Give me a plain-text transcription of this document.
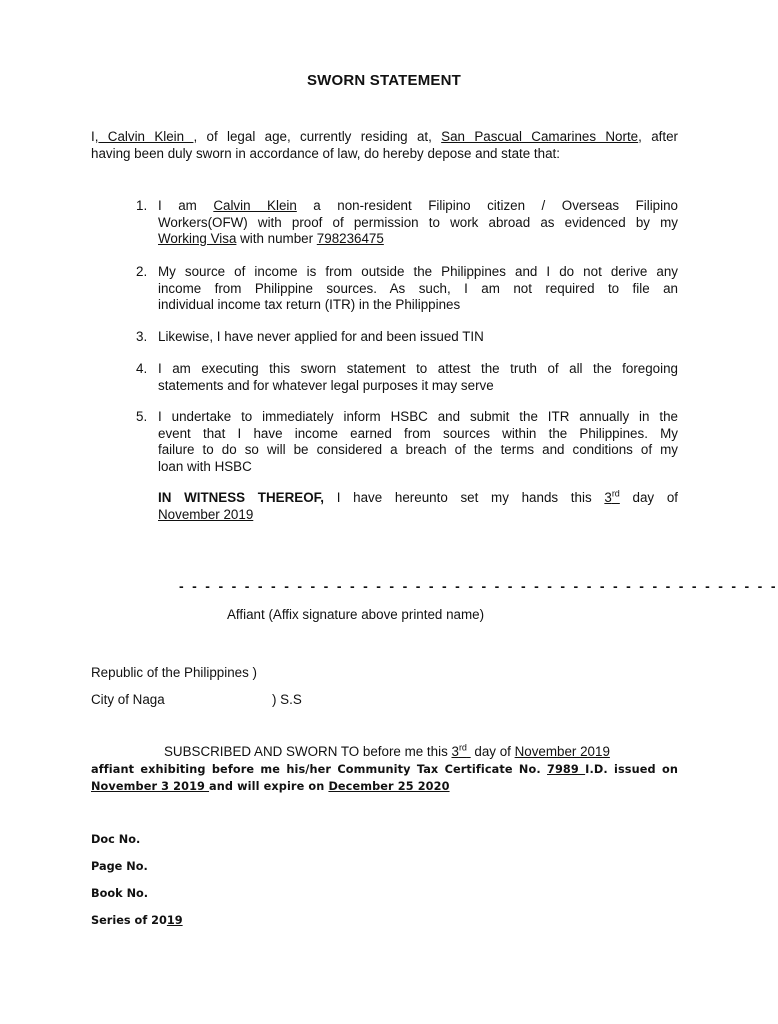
SWORN STATEMENT
I, Calvin Klein , of legal age, currently residing at, San Pascual Camarines Norte, after
having been duly sworn in accordance of law, do hereby depose and state that:
1. I am Calvin Klein a non-resident Filipino citizen / Overseas Filipino
Workers(OFW) with proof of permission to work abroad as evidenced by my
Working Visa with number 798236475
2. My source of income is from outside the Philippines and I do not derive any
income from Philippine sources. As such, I am not required to file an
individual income tax return (ITR) in the Philippines
3. Likewise, I have never applied for and been issued TIN
4. I am executing this sworn statement to attest the truth of all the foregoing
statements and for whatever legal purposes it may serve
5. I undertake to immediately inform HSBC and submit the ITR annually in the
event that I have income earned from sources within the Philippines. My
failure to do so will be considered a breach of the terms and conditions of my
loan with HSBC
IN WITNESS THEREOF, I have hereunto set my hands this 3rd day of
November 2019
- - - - - - - - - - - - - - - - - - - - - - - - - - - - - - - - - - - - - - - - - - - - - -
Affiant (Affix signature above printed name)
Republic of the Philippines )
City of Naga	) S.S
SUBSCRIBED AND SWORN TO before me this 3rd  day of November 2019
affiant exhibiting before me his/her Community Tax Certificate No. 7989 I.D. issued on
November 3 2019 and will expire on December 25 2020
Doc No.
Page No.
Book No.
Series of 2019
